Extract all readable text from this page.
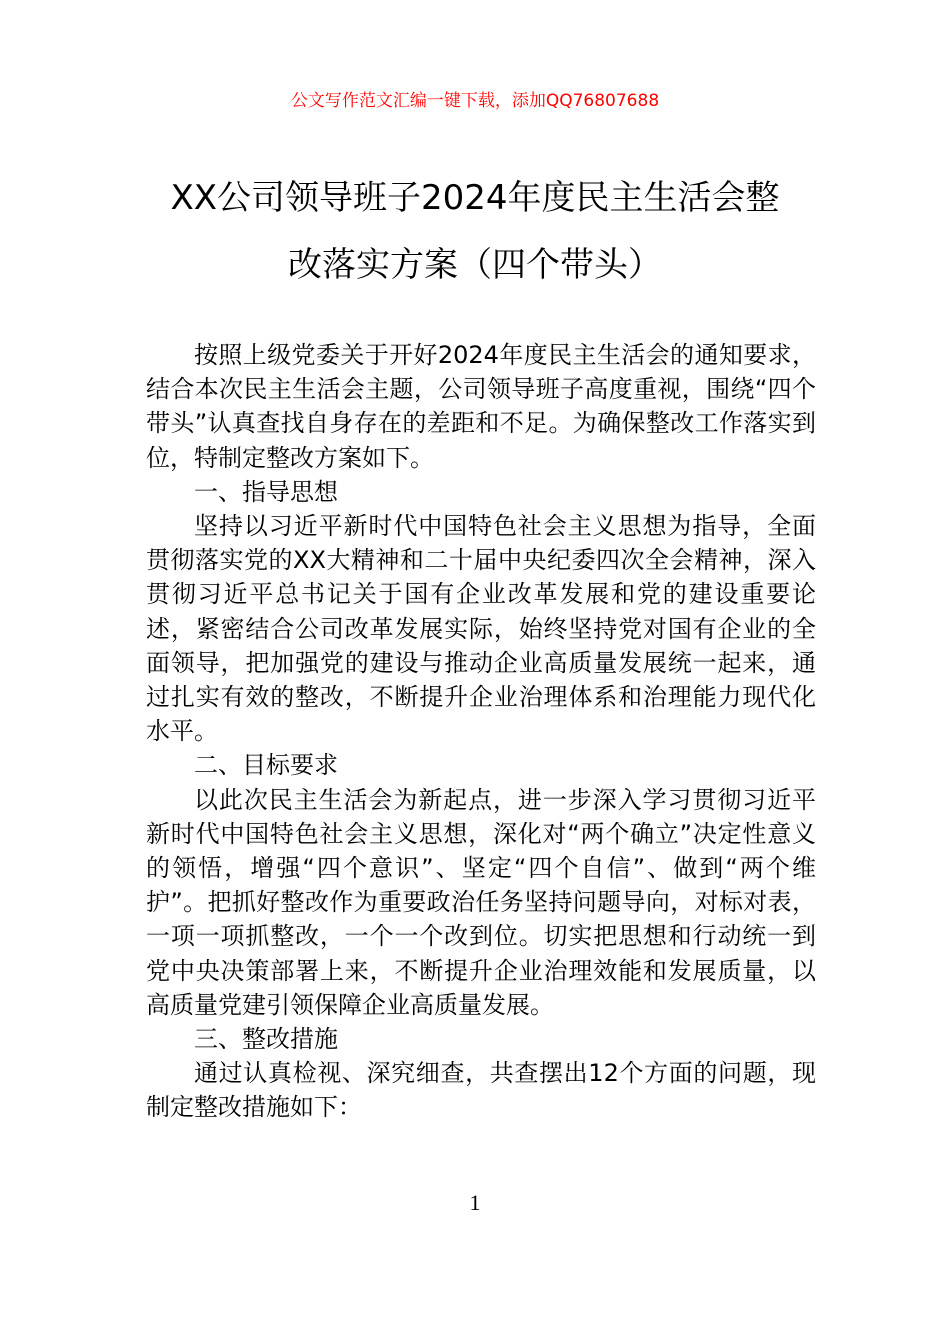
公文写作范文汇编一键下载，添加QQ76807688
XX公司领导班子2024年度民主生活会整
改落实方案（四个带头）

按照上级党委关于开好2024年度民主生活会的通知要求，结合本次民主生活会主题，公司领导班子高度重视，围绕“四个带头”认真查找自身存在的差距和不足。为确保整改工作落实到位，特制定整改方案如下。

一、指导思想

坚持以习近平新时代中国特色社会主义思想为指导，全面贯彻落实党的XX大精神和二十届中央纪委四次全会精神，深入贯彻习近平总书记关于国有企业改革发展和党的建设重要论述，紧密结合公司改革发展实际，始终坚持党对国有企业的全面领导，把加强党的建设与推动企业高质量发展统一起来，通过扎实有效的整改，不断提升企业治理体系和治理能力现代化水平。

二、目标要求

以此次民主生活会为新起点，进一步深入学习贯彻习近平新时代中国特色社会主义思想，深化对“两个确立”决定性意义的领悟，增强“四个意识”、坚定“四个自信”、做到“两个维护”。把抓好整改作为重要政治任务坚持问题导向，对标对表，一项一项抓整改，一个一个改到位。切实把思想和行动统一到党中央决策部署上来，不断提升企业治理效能和发展质量，以高质量党建引领保障企业高质量发展。

三、整改措施

通过认真检视、深究细查，共查摆出12个方面的问题，现制定整改措施如下：

1
